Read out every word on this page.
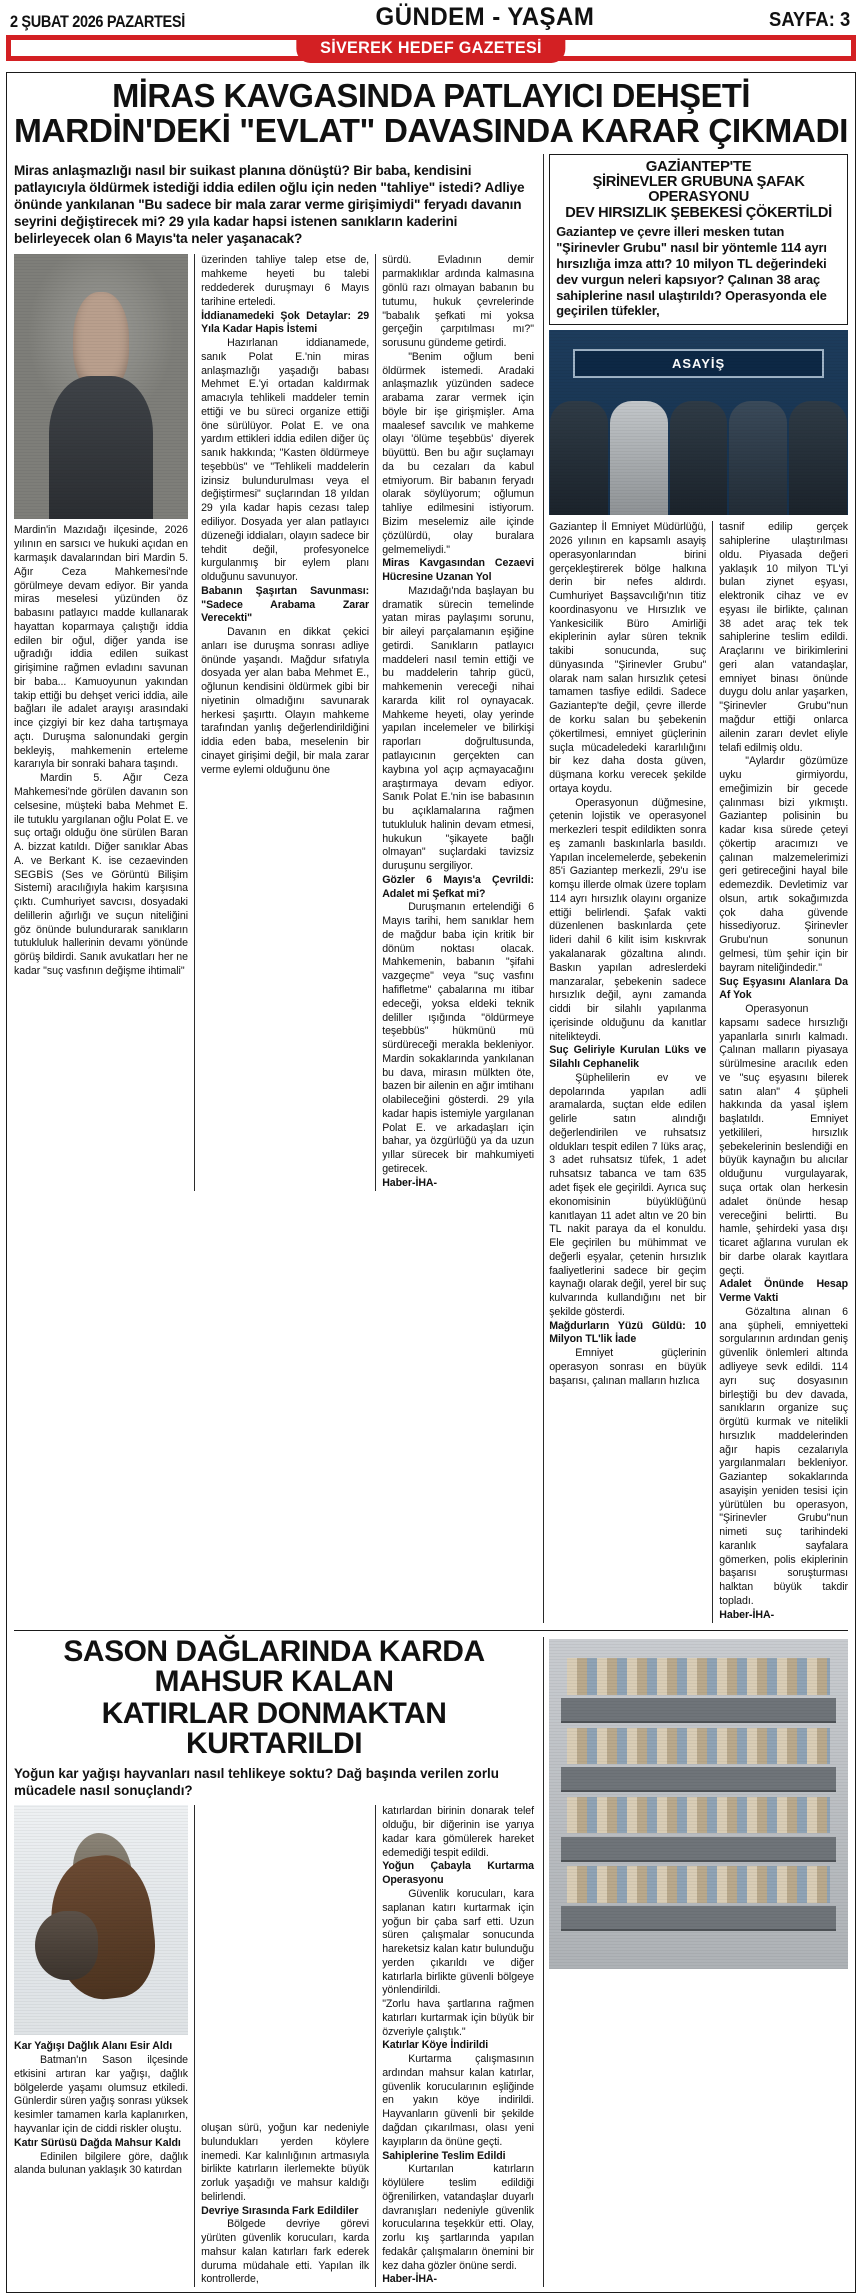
2 ŞUBAT 2026 PAZARTESİ	GÜNDEM - YAŞAM	SAYFA: 3
SİVEREK HEDEF GAZETESİ
MİRAS KAVGASINDA PATLAYICI DEHŞETİ
MARDİN'DEKİ "EVLAT" DAVASINDA KARAR ÇIKMADI
Miras anlaşmazlığı nasıl bir suikast planına dönüştü? Bir baba, kendisini patlayıcıyla öldürmek istediği iddia edilen oğlu için neden "tahliye" istedi? Adliye önünde yankılanan "Bu sadece bir mala zarar verme girişimiydi" feryadı davanın seyrini değiştirecek mi? 29 yıla kadar hapsi istenen sanıkların kaderini belirleyecek olan 6 Mayıs'ta neler yaşanacak?

Mardin'in Mazıdağı ilçesinde, 2026 yılının en sarsıcı ve hukuki açıdan en karmaşık davalarından biri Mardin 5. Ağır Ceza Mahkemesi'nde görülmeye devam ediyor. Bir yanda miras meselesi yüzünden öz babasını patlayıcı madde kullanarak hayattan koparmaya çalıştığı iddia edilen bir oğul, diğer yanda ise uğradığı iddia edilen suikast girişimine rağmen evladını savunan bir baba... Kamuoyunun yakından takip ettiği bu dehşet verici iddia, aile bağları ile adalet arayışı arasındaki ince çizgiyi bir kez daha tartışmaya açtı. Duruşma salonundaki gergin bekleyiş, mahkemenin erteleme kararıyla bir sonraki bahara taşındı.

Mardin 5. Ağır Ceza Mahkemesi'nde görülen davanın son celsesine, müşteki baba Mehmet E. ile tutuklu yargılanan oğlu Polat E. ve suç ortağı olduğu öne sürülen Baran A. bizzat katıldı. Diğer sanıklar Abas A. ve Berkant K. ise cezaevinden SEGBİS (Ses ve Görüntü Bilişim Sistemi) aracılığıyla hakim karşısına çıktı. Cumhuriyet savcısı, dosyadaki delillerin ağırlığı ve suçun niteliğini göz önünde bulundurarak sanıkların tutukluluk hallerinin devamı yönünde görüş bildirdi. Sanık avukatları her ne kadar "suç vasfının değişme ihtimali"

üzerinden tahliye talep etse de, mahkeme heyeti bu talebi reddederek duruşmayı 6 Mayıs tarihine erteledi.

İddianamedeki Şok Detaylar: 29 Yıla Kadar Hapis İstemi

Hazırlanan iddianamede, sanık Polat E.'nin miras anlaşmazlığı yaşadığı babası Mehmet E.'yi ortadan kaldırmak amacıyla tehlikeli maddeler temin ettiği ve bu süreci organize ettiği öne sürülüyor. Polat E. ve ona yardım ettikleri iddia edilen diğer üç sanık hakkında; "Kasten öldürmeye teşebbüs" ve "Tehlikeli maddelerin izinsiz bulundurulması veya el değiştirmesi" suçlarından 18 yıldan 29 yıla kadar hapis cezası talep ediliyor. Dosyada yer alan patlayıcı düzeneği iddiaları, olayın sadece bir tehdit değil, profesyonelce kurgulanmış bir eylem planı olduğunu savunuyor.

Babanın Şaşırtan Savunması: "Sadece Arabama Zarar Verecekti"

Davanın en dikkat çekici anları ise duruşma sonrası adliye önünde yaşandı. Mağdur sıfatıyla dosyada yer alan baba Mehmet E., oğlunun kendisini öldürmek gibi bir niyetinin olmadığını savunarak herkesi şaşırttı. Olayın mahkeme tarafından yanlış değerlendirildiğini iddia eden baba, meselenin bir cinayet girişimi değil, bir mala zarar verme eylemi olduğunu öne

sürdü. Evladının demir parmaklıklar ardında kalmasına gönlü razı olmayan babanın bu tutumu, hukuk çevrelerinde "babalık şefkati mi yoksa gerçeğin çarpıtılması mı?" sorusunu gündeme getirdi.

"Benim oğlum beni öldürmek istemedi. Aradaki anlaşmazlık yüzünden sadece arabama zarar vermek için böyle bir işe girişmişler. Ama maalesef savcılık ve mahkeme olayı 'ölüme teşebbüs' diyerek büyüttü. Ben bu ağır suçlamayı da bu cezaları da kabul etmiyorum. Bir babanın feryadı olarak söylüyorum; oğlumun tahliye edilmesini istiyorum. Bizim meselemiz aile içinde çözülürdü, olay buralara gelmemeliydi."

Miras Kavgasından Cezaevi Hücresine Uzanan Yol

Mazıdağı'nda başlayan bu dramatik sürecin temelinde yatan miras paylaşımı sorunu, bir aileyi parçalamanın eşiğine getirdi. Sanıkların patlayıcı maddeleri nasıl temin ettiği ve bu maddelerin tahrip gücü, mahkemenin vereceği nihai kararda kilit rol oynayacak. Mahkeme heyeti, olay yerinde yapılan incelemeler ve bilirkişi raporları doğrultusunda, patlayıcının gerçekten can kaybına yol açıp açmayacağını araştırmaya devam ediyor. Sanık Polat E.'nin ise babasının bu açıklamalarına rağmen tutukluluk halinin devam etmesi, hukukun "şikayete bağlı olmayan" suçlardaki tavizsiz duruşunu sergiliyor.

Gözler 6 Mayıs'a Çevrildi: Adalet mi Şefkat mi?

Duruşmanın ertelendiği 6 Mayıs tarihi, hem sanıklar hem de mağdur baba için kritik bir dönüm noktası olacak. Mahkemenin, babanın "şifahi vazgeçme" veya "suç vasfını hafifletme" çabalarına mı itibar edeceği, yoksa eldeki teknik deliller ışığında "öldürmeye teşebbüs" hükmünü mü sürdüreceği merakla bekleniyor. Mardin sokaklarında yankılanan bu dava, mirasın mülkten öte, bazen bir ailenin en ağır imtihanı olabileceğini gösterdi. 29 yıla kadar hapis istemiyle yargılanan Polat E. ve arkadaşları için bahar, ya özgürlüğü ya da uzun yıllar sürecek bir mahkumiyeti getirecek.

Haber-İHA-
GAZİANTEP'TE
ŞİRİNEVLER GRUBUNA ŞAFAK OPERASYONU
DEV HIRSIZLIK ŞEBEKESİ ÇÖKERTİLDİ
Gaziantep ve çevre illeri mesken tutan "Şirinevler Grubu" nasıl bir yöntemle 114 ayrı hırsızlığa imza attı? 10 milyon TL değerindeki dev vurgun neleri kapsıyor? Çalınan 38 araç sahiplerine nasıl ulaştırıldı? Operasyonda ele geçirilen tüfekler,
ASAYİŞ

Gaziantep İl Emniyet Müdürlüğü, 2026 yılının en kapsamlı asayiş operasyonlarından birini gerçekleştirerek bölge halkına derin bir nefes aldırdı. Cumhuriyet Başsavcılığı'nın titiz koordinasyonu ve Hırsızlık ve Yankesicilik Büro Amirliği ekiplerinin aylar süren teknik takibi sonucunda, suç dünyasında "Şirinevler Grubu" olarak nam salan hırsızlık çetesi tamamen tasfiye edildi. Sadece Gaziantep'te değil, çevre illerde de korku salan bu şebekenin çökertilmesi, emniyet güçlerinin suçla mücadeledeki kararlılığını bir kez daha dosta güven, düşmana korku verecek şekilde ortaya koydu.

Operasyonun düğmesine, çetenin lojistik ve operasyonel merkezleri tespit edildikten sonra eş zamanlı baskınlarla basıldı. Yapılan incelemelerde, şebekenin 85'i Gaziantep merkezli, 29'u ise komşu illerde olmak üzere toplam 114 ayrı hırsızlık olayını organize ettiği belirlendi. Şafak vakti düzenlenen baskınlarda çete lideri dahil 6 kilit isim kıskıvrak yakalanarak gözaltına alındı. Baskın yapılan adreslerdeki manzaralar, şebekenin sadece hırsızlık değil, aynı zamanda ciddi bir silahlı yapılanma içerisinde olduğunu da kanıtlar nitelikteydi.

Suç Geliriyle Kurulan Lüks ve Silahlı Cephanelik

Şüphelilerin ev ve depolarında yapılan adli aramalarda, suçtan elde edilen gelirle satın alındığı değerlendirilen ve ruhsatsız oldukları tespit edilen 7 lüks araç, 3 adet ruhsatsız tüfek, 1 adet ruhsatsız tabanca ve tam 635 adet fişek ele geçirildi. Ayrıca suç ekonomisinin büyüklüğünü kanıtlayan 11 adet altın ve 20 bin TL nakit paraya da el konuldu. Ele geçirilen bu mühimmat ve değerli eşyalar, çetenin hırsızlık faaliyetlerini sadece bir geçim kaynağı olarak değil, yerel bir suç kulvarında kullandığını net bir şekilde gösterdi.

Mağdurların Yüzü Güldü: 10 Milyon TL'lik İade

Emniyet güçlerinin operasyon sonrası en büyük başarısı, çalınan malların hızlıca

tasnif edilip gerçek sahiplerine ulaştırılması oldu. Piyasada değeri yaklaşık 10 milyon TL'yi bulan ziynet eşyası, elektronik cihaz ve ev eşyası ile birlikte, çalınan 38 adet araç tek tek sahiplerine teslim edildi. Araçlarını ve birikimlerini geri alan vatandaşlar, emniyet binası önünde duygu dolu anlar yaşarken, "Şirinevler Grubu"nun mağdur ettiği onlarca ailenin zararı devlet eliyle telafi edilmiş oldu.

"Aylardır gözümüze uyku girmiyordu, emeğimizin bir gecede çalınması bizi yıkmıştı. Gaziantep polisinin bu kadar kısa sürede çeteyi çökertip aracımızı ve çalınan malzemelerimizi geri getireceğini hayal bile edemezdik. Devletimiz var olsun, artık sokağımızda çok daha güvende hissediyoruz. Şirinevler Grubu'nun sonunun gelmesi, tüm şehir için bir bayram niteliğindedir."

Suç Eşyasını Alanlara Da Af Yok

Operasyonun kapsamı sadece hırsızlığı yapanlarla sınırlı kalmadı. Çalınan malların piyasaya sürülmesine aracılık eden ve "suç eşyasını bilerek satın alan" 4 şüpheli hakkında da yasal işlem başlatıldı. Emniyet yetkilileri, hırsızlık şebekelerinin beslendiği en büyük kaynağın bu alıcılar olduğunu vurgulayarak, suça ortak olan herkesin adalet önünde hesap vereceğini belirtti. Bu hamle, şehirdeki yasa dışı ticaret ağlarına vurulan ek bir darbe olarak kayıtlara geçti.

Adalet Önünde Hesap Verme Vakti

Gözaltına alınan 6 ana şüpheli, emniyetteki sorgularının ardından geniş güvenlik önlemleri altında adliyeye sevk edildi. 114 ayrı suç dosyasının birleştiği bu dev davada, sanıkların organize suç örgütü kurmak ve nitelikli hırsızlık maddelerinden ağır hapis cezalarıyla yargılanmaları bekleniyor. Gaziantep sokaklarında asayişin yeniden tesisi için yürütülen bu operasyon, "Şirinevler Grubu"nun nimeti suç tarihindeki karanlık sayfalara gömerken, polis ekiplerinin başarısı soruşturması halktan büyük takdir topladı.

Haber-İHA-
SASON DAĞLARINDA KARDA MAHSUR KALAN
KATIRLAR DONMAKTAN KURTARILDI
Yoğun kar yağışı hayvanları nasıl tehlikeye soktu? Dağ başında verilen zorlu mücadele nasıl sonuçlandı?
Kar Yağışı Dağlık Alanı Esir Aldı

Batman'ın Sason ilçesinde etkisini artıran kar yağışı, dağlık bölgelerde yaşamı olumsuz etkiledi. Günlerdir süren yağış sonrası yüksek kesimler tamamen karla kaplanırken, hayvanlar için de ciddi riskler oluştu.

Katır Sürüsü Dağda Mahsur Kaldı

Edinilen bilgilere göre, dağlık alanda bulunan yaklaşık 30 katırdan

oluşan sürü, yoğun kar nedeniyle bulundukları yerden köylere inemedi. Kar kalınlığının artmasıyla birlikte katırların ilerlemekte büyük zorluk yaşadığı ve mahsur kaldığı belirlendi.

Devriye Sırasında Fark Edildiler

Bölgede devriye görevi yürüten güvenlik korucuları, karda mahsur kalan katırları fark ederek duruma müdahale etti. Yapılan ilk kontrollerde,

katırlardan birinin donarak telef olduğu, bir diğerinin ise yarıya kadar kara gömülerek hareket edemediği tespit edildi.

Yoğun Çabayla Kurtarma Operasyonu

Güvenlik korucuları, kara saplanan katırı kurtarmak için yoğun bir çaba sarf etti. Uzun süren çalışmalar sonucunda hareketsiz kalan katır bulunduğu yerden çıkarıldı ve diğer katırlarla birlikte güvenli bölgeye yönlendirildi.

"Zorlu hava şartlarına rağmen katırları kurtarmak için büyük bir özveriyle çalıştık."

Katırlar Köye İndirildi

Kurtarma çalışmasının ardından mahsur kalan katırlar, güvenlik korucularının eşliğinde en yakın köye indirildi. Hayvanların güvenli bir şekilde dağdan çıkarılması, olası yeni kayıpların da önüne geçti.

Sahiplerine Teslim Edildi

Kurtarılan katırların köylülere teslim edildiği öğrenilirken, vatandaşlar duyarlı davranışları nedeniyle güvenlik korucularına teşekkür etti. Olay, zorlu kış şartlarında yapılan fedakâr çalışmaların önemini bir kez daha gözler önüne serdi.

Haber-İHA-
